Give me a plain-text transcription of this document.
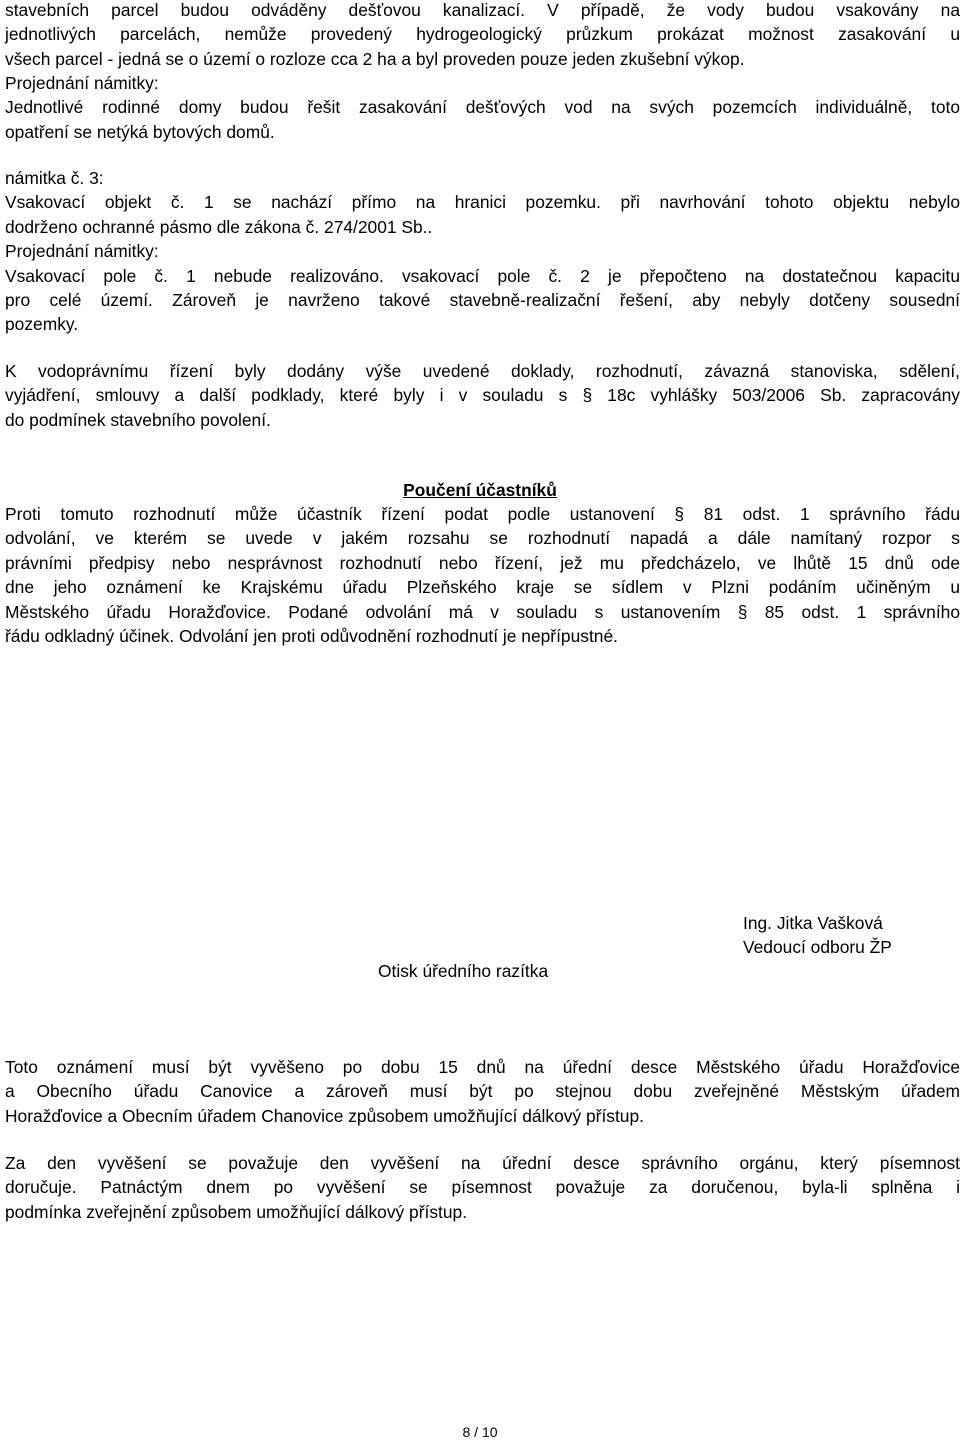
stavebních parcel budou odváděny dešťovou kanalizací. V případě, že vody budou vsakovány na
jednotlivých parcelách, nemůže provedený hydrogeologický průzkum prokázat možnost zasakování u
všech parcel - jedná se o území o rozloze cca 2 ha a byl proveden pouze jeden zkušební výkop.
Projednání námitky:
Jednotlivé rodinné domy budou řešit zasakování dešťových vod na svých pozemcích individuálně, toto
opatření se netýká bytových domů.
námitka č. 3:
Vsakovací objekt č. 1 se nachází přímo na hranici pozemku. při navrhování tohoto objektu nebylo
dodrženo ochranné pásmo dle zákona č. 274/2001 Sb..
Projednání námitky:
Vsakovací pole č. 1 nebude realizováno. vsakovací pole č. 2 je přepočteno na dostatečnou kapacitu
pro celé území. Zároveň je navrženo takové stavebně-realizační řešení, aby nebyly dotčeny sousední
pozemky.
K vodoprávnímu řízení byly dodány výše uvedené doklady, rozhodnutí, závazná stanoviska, sdělení,
vyjádření, smlouvy a další podklady, které byly i v souladu s § 18c vyhlášky 503/2006 Sb. zapracovány
do podmínek stavebního povolení.
Poučení účastníků
Proti tomuto rozhodnutí může účastník řízení podat podle ustanovení § 81 odst. 1 správního řádu
odvolání, ve kterém se uvede v jakém rozsahu se rozhodnutí napadá a dále namítaný rozpor s
právními předpisy nebo nesprávnost rozhodnutí nebo řízení, jež mu předcházelo, ve lhůtě 15 dnů ode
dne jeho oznámení ke Krajskému úřadu Plzeňského kraje se sídlem v Plzni podáním učiněným u
Městského úřadu Horažďovice. Podané odvolání má v souladu s ustanovením § 85 odst. 1 správního
řádu odkladný účinek. Odvolání jen proti odůvodnění rozhodnutí je nepřípustné.
Ing. Jitka Vašková
Vedoucí odboru ŽP
Otisk úředního razítka
Toto oznámení musí být vyvěšeno po dobu 15 dnů na úřední desce Městského úřadu Horažďovice
a Obecního úřadu Canovice a zároveň musí být po stejnou dobu zveřejněné Městským úřadem
Horažďovice a Obecním úřadem Chanovice způsobem umožňující dálkový přístup.
Za den vyvěšení se považuje den vyvěšení na úřední desce správního orgánu, který písemnost
doručuje. Patnáctým dnem po vyvěšení se písemnost považuje za doručenou, byla-li splněna i
podmínka zveřejnění způsobem umožňující dálkový přístup.
8 / 10
